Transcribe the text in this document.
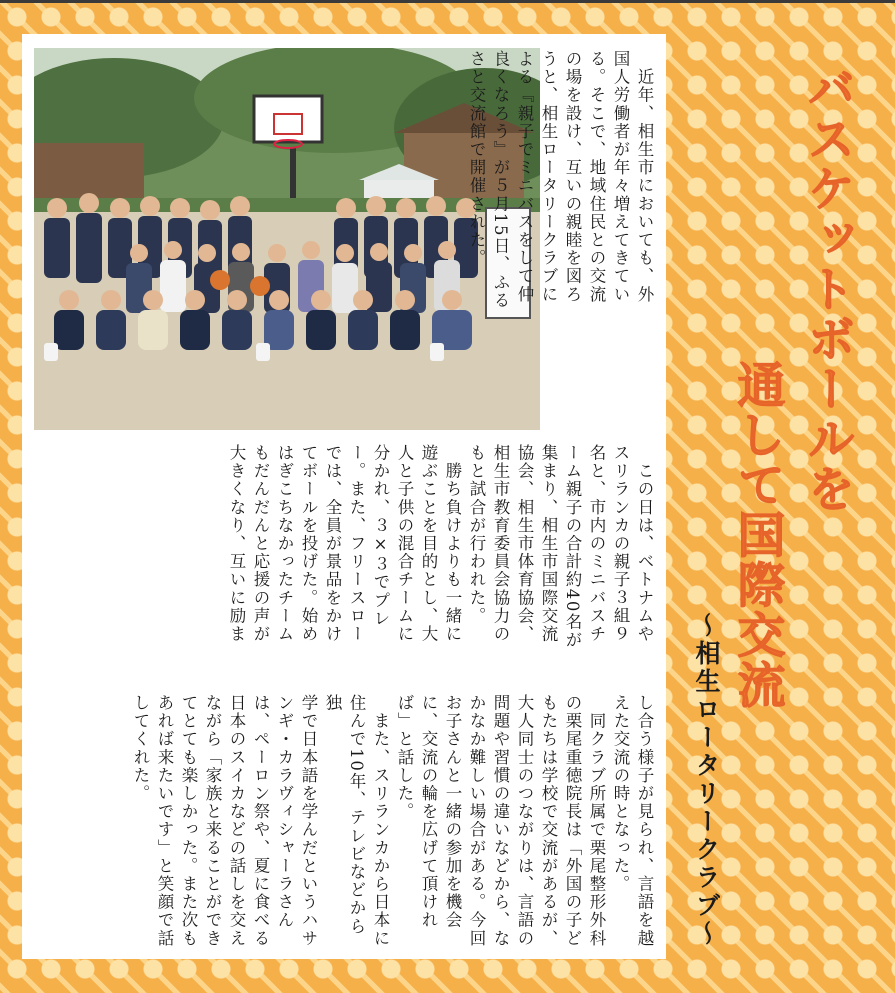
　近年、相生市においても、外
国人労働者が年々増えてきてい
る。そこで、地域住民との交流
の場を設け、互いの親睦を図ろ
うと、相生ロータリークラブに
よる『親子でミニバスをして仲
良くなろう』が５月15日、ふる
さと交流館で開催された。
　この日は、ベトナムや
スリランカの親子３組９
名と、市内のミニバスチ
ーム親子の合計約40名が
集まり、相生市国際交流
協会、相生市体育協会、
相生市教育委員会協力の
もと試合が行われた。
　勝ち負けよりも一緒に
遊ぶことを目的とし、大
人と子供の混合チームに
分かれ、３×３でプレ
ー。また、フリースロー
では、全員が景品をかけ
てボールを投げた。始め
はぎこちなかったチーム
もだんだんと応援の声が
大きくなり、互いに励ま
し合う様子が見られ、言語を越
えた交流の時となった。
　同クラブ所属で栗尾整形外科
の栗尾重徳院長は「外国の子ど
もたちは学校で交流があるが、
大人同士のつながりは、言語の
問題や習慣の違いなどから、な
かなか難しい場合がある。今回
お子さんと一緒の参加を機会
に、交流の輪を広げて頂けれ
ば」と話した。
　また、スリランカから日本に
住んで10年、テレビなどから独
学で日本語を学んだというハサ
ンギ・カラヴィシャーラさん
は、ペーロン祭や、夏に食べる
日本のスイカなどの話しを交え
ながら「家族と来ることができ
てとても楽しかった。また次も
あれば来たいです」と笑顔で話
してくれた。
バスケットボールを
通して国際交流
〜相生ロータリークラブ〜
